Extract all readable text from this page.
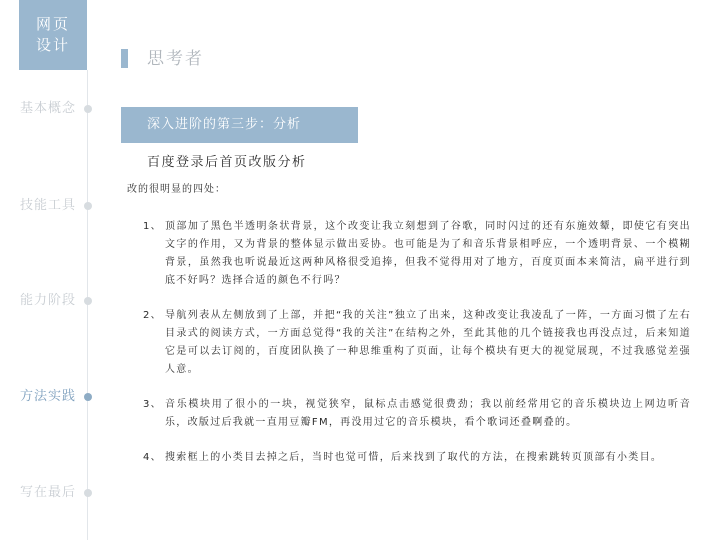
网页
设计
基本概念
技能工具
能力阶段
方法实践
写在最后
思考者
深入进阶的第三步：分析
百度登录后首页改版分析
改的很明显的四处：
1、 顶部加了黑色半透明条状背景，这个改变让我立刻想到了谷歌，同时闪过的还有东施效颦，即使它有突出文字的作用，又为背景的整体显示做出妥协。也可能是为了和音乐背景相呼应，一个透明背景、一个模糊背景，虽然我也听说最近这两种风格很受追捧，但我不觉得用对了地方，百度页面本来简洁，扁平进行到底不好吗？选择合适的颜色不行吗？
2、 导航列表从左侧放到了上部，并把“我的关注”独立了出来，这种改变让我凌乱了一阵，一方面习惯了左右目录式的阅读方式，一方面总觉得“我的关注”在结构之外，至此其他的几个链接我也再没点过，后来知道它是可以去订阅的，百度团队换了一种思维重构了页面，让每个模块有更大的视觉展现，不过我感觉差强人意。
3、 音乐模块用了很小的一块，视觉狭窄，鼠标点击感觉很费劲；我以前经常用它的音乐模块边上网边听音乐，改版过后我就一直用豆瓣FM，再没用过它的音乐模块，看个歌词还叠啊叠的。
4、 搜索框上的小类目去掉之后，当时也觉可惜，后来找到了取代的方法，在搜索跳转页顶部有小类目。
